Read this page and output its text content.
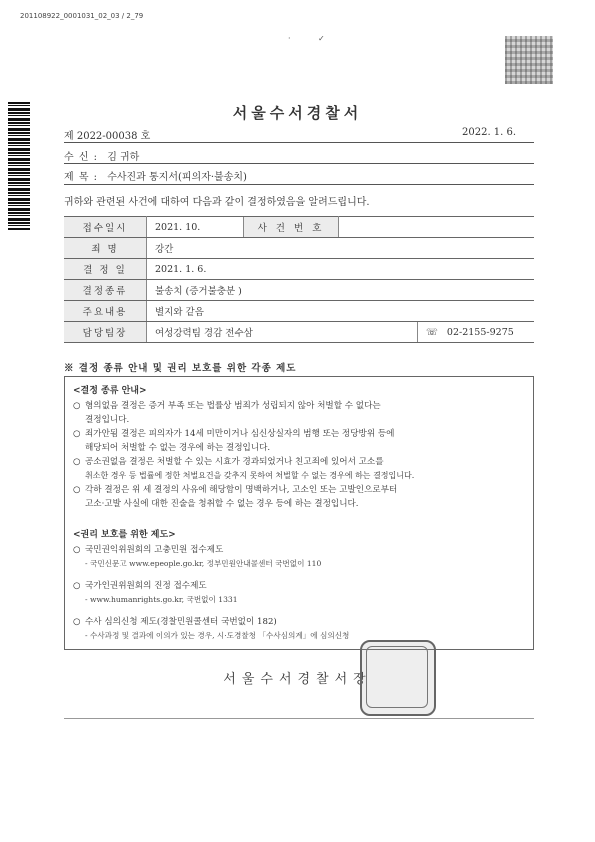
201108922_0001031_02_03 / 2_79
·	✓
서울수서경찰서
제 2022-00038 호	2022. 1. 6.
수 신 : 김 귀하
제 목 : 수사진과 통지서(피의자·불송치)
귀하와 관련된 사건에 대하여 다음과 같이 결정하였음을 알려드립니다.
접수일시	2021. 10.	사 건 번 호		
죄 명	강간			
결 정 일	2021. 1. 6.			
결정종류	불송치 (증거불충분 )			
주요내용	별지와 같음			
담당팀장	여성강력팀 경감 전수삼			☏ 02-2155-9275
※ 결정 종류 안내 및 권리 보호를 위한 각종 제도
<결정 종류 안내>
○ 혐의없음 결정은 증거 부족 또는 법률상 범죄가 성립되지 않아 처벌할 수 없다는
결정입니다.
○ 죄가안됨 결정은 피의자가 14세 미만이거나 심신상실자의 범행 또는 정당방위 등에
해당되어 처벌할 수 없는 경우에 하는 결정입니다.
○ 공소권없음 결정은 처벌할 수 있는 시효가 경과되었거나 친고죄에 있어서 고소를
취소한 경우 등 법률에 정한 처벌요건을 갖추지 못하여 처벌할 수 없는 경우에 하는 결정입니다.
○ 각하 결정은 위 세 결정의 사유에 해당함이 명백하거나, 고소인 또는 고발인으로부터
고소·고발 사실에 대한 진술을 청취할 수 없는 경우 등에 하는 결정입니다.
<권리 보호를 위한 제도>
○ 국민권익위원회의 고충민원 접수제도
- 국민신문고 www.epeople.go.kr, 정부민원안내콜센터 국번없이 110
○ 국가인권위원회의 진정 접수제도
- www.humanrights.go.kr, 국번없이 1331
○ 수사 심의신청 제도(경찰민원콜센터 국번없이 182)
- 수사과정 및 결과에 이의가 있는 경우, 시·도경찰청 「수사심의계」에 심의신청
서울수서경찰서장
